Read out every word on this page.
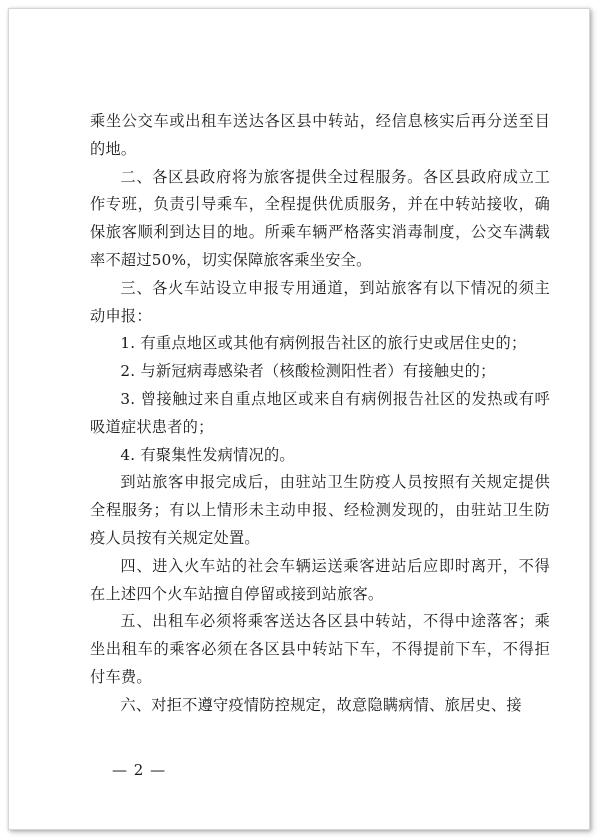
乘坐公交车或出租车送达各区县中转站，经信息核实后再分送至目的地。

二、各区县政府将为旅客提供全过程服务。各区县政府成立工作专班，负责引导乘车，全程提供优质服务，并在中转站接收，确保旅客顺利到达目的地。所乘车辆严格落实消毒制度，公交车满载率不超过50%，切实保障旅客乘坐安全。

三、各火车站设立申报专用通道，到站旅客有以下情况的须主动申报：

1. 有重点地区或其他有病例报告社区的旅行史或居住史的；

2. 与新冠病毒感染者（核酸检测阳性者）有接触史的；

3. 曾接触过来自重点地区或来自有病例报告社区的发热或有呼吸道症状患者的；

4. 有聚集性发病情况的。

到站旅客申报完成后，由驻站卫生防疫人员按照有关规定提供全程服务；有以上情形未主动申报、经检测发现的，由驻站卫生防疫人员按有关规定处置。

四、进入火车站的社会车辆运送乘客进站后应即时离开，不得在上述四个火车站擅自停留或接到站旅客。

五、出租车必须将乘客送达各区县中转站，不得中途落客；乘坐出租车的乘客必须在各区县中转站下车，不得提前下车，不得拒付车费。

六、对拒不遵守疫情防控规定，故意隐瞒病情、旅居史、接

— 2 —
